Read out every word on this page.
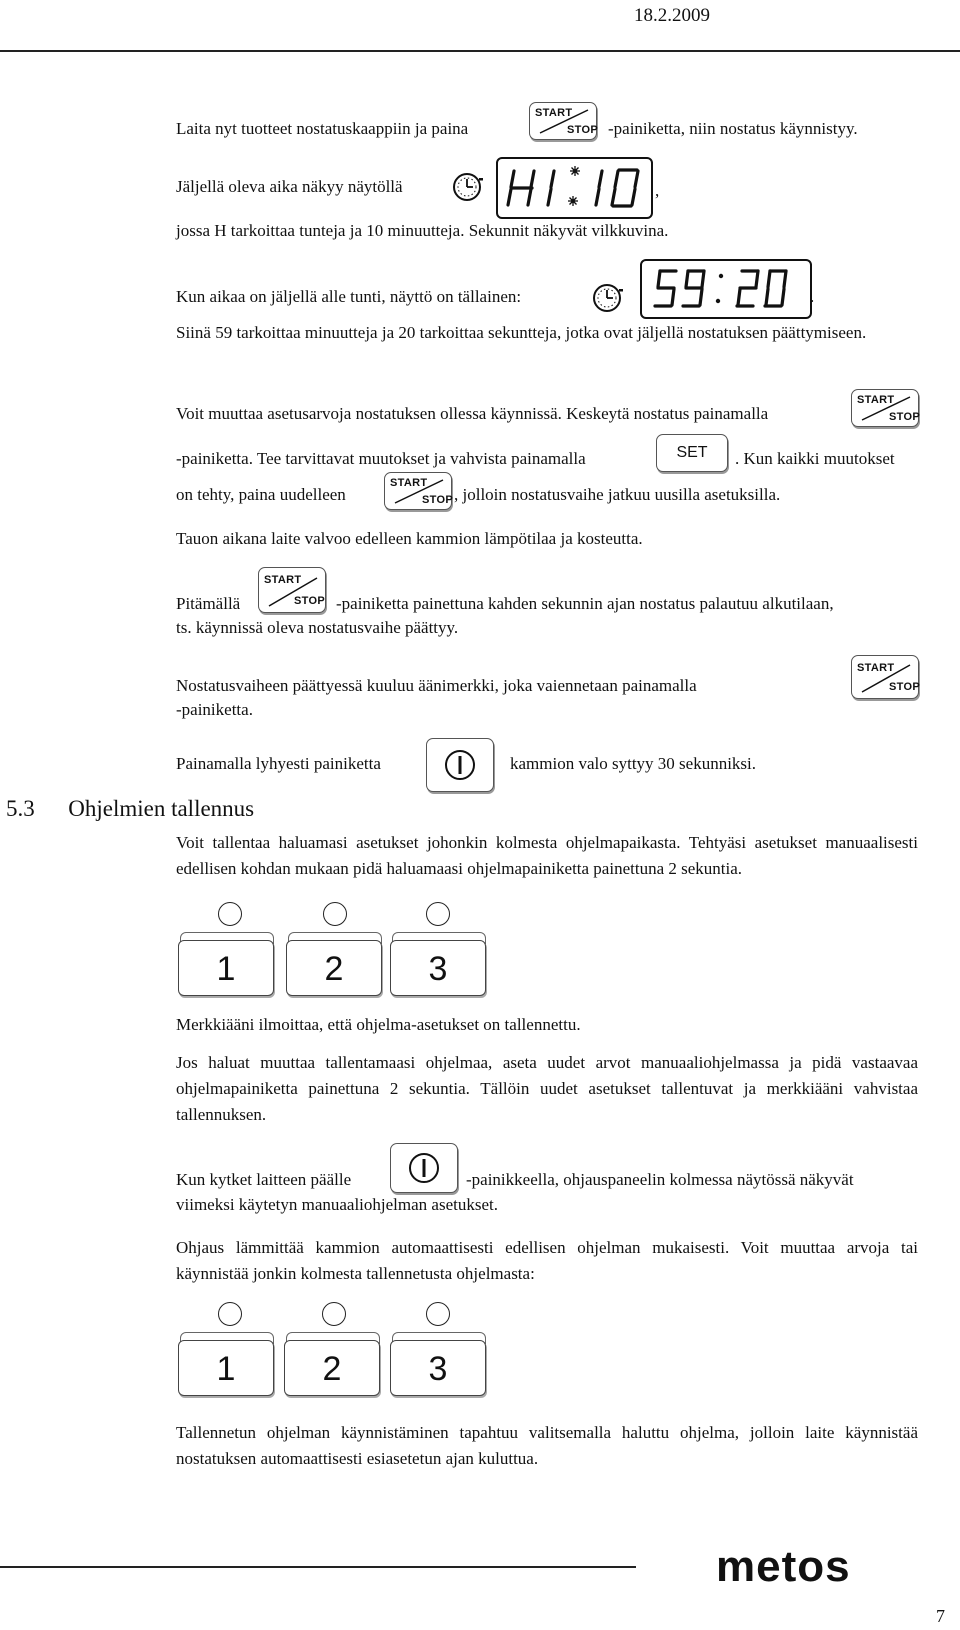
18.2.2009
Laita nyt tuotteet nostatuskaappiin ja paina
START
STOP -painiketta, niin nostatus käynnistyy.
Jäljellä oleva aika näkyy näytöllä	,
jossa H tarkoittaa tunteja ja 10 minuutteja. Sekunnit näkyvät vilkkuvina.
Kun aikaa on jäljellä alle tunti, näyttö on tällainen:	.
Siinä 59 tarkoittaa minuutteja ja 20 tarkoittaa sekuntteja, jotka ovat jäljellä nostatuksen päättymiseen.
Voit muuttaa asetusarvoja nostatuksen ollessa käynnissä. Keskeytä nostatus painamalla
START
STOP
-painiketta. Tee tarvittavat muutokset ja vahvista painamalla	SET	. Kun kaikki muutokset
on tehty, paina uudelleen
START
STOP , jolloin nostatusvaihe jatkuu uusilla asetuksilla.
Tauon aikana laite valvoo edelleen kammion lämpötilaa ja kosteutta.
Pitämällä
START
STOP -painiketta painettuna kahden sekunnin ajan nostatus palautuu alkutilaan,
ts. käynnissä oleva nostatusvaihe päättyy.
Nostatusvaiheen päättyessä kuuluu äänimerkki, joka vaiennetaan painamalla
START
STOP
-painiketta.
Painamalla lyhyesti painiketta	kammion valo syttyy 30 sekunniksi.
5.3 Ohjelmien tallennus
Voit tallentaa haluamasi asetukset johonkin kolmesta ohjelmapaikasta. Tehtyäsi asetukset manuaalisesti edellisen kohdan mukaan pidä haluamaasi ohjelmapainiketta painettuna 2 sekuntia.
1	2	3
Merkkiääni ilmoittaa, että ohjelma-asetukset on tallennettu.
Jos haluat muuttaa tallentamaasi ohjelmaa, aseta uudet arvot manuaaliohjelmassa ja pidä vastaavaa ohjelmapainiketta painettuna 2 sekuntia. Tällöin uudet asetukset tallentuvat ja merkkiääni vahvistaa tallennuksen.
Kun kytket laitteen päälle	-painikkeella, ohjauspaneelin kolmessa näytössä näkyvät
viimeksi käytetyn manuaaliohjelman asetukset.
Ohjaus lämmittää kammion automaattisesti edellisen ohjelman mukaisesti. Voit muuttaa arvoja tai käynnistää jonkin kolmesta tallennetusta ohjelmasta:
1	2	3
Tallennetun ohjelman käynnistäminen tapahtuu valitsemalla haluttu ohjelma, jolloin laite käynnistää nostatuksen automaattisesti esiasetetun ajan kuluttua.
metos
7
